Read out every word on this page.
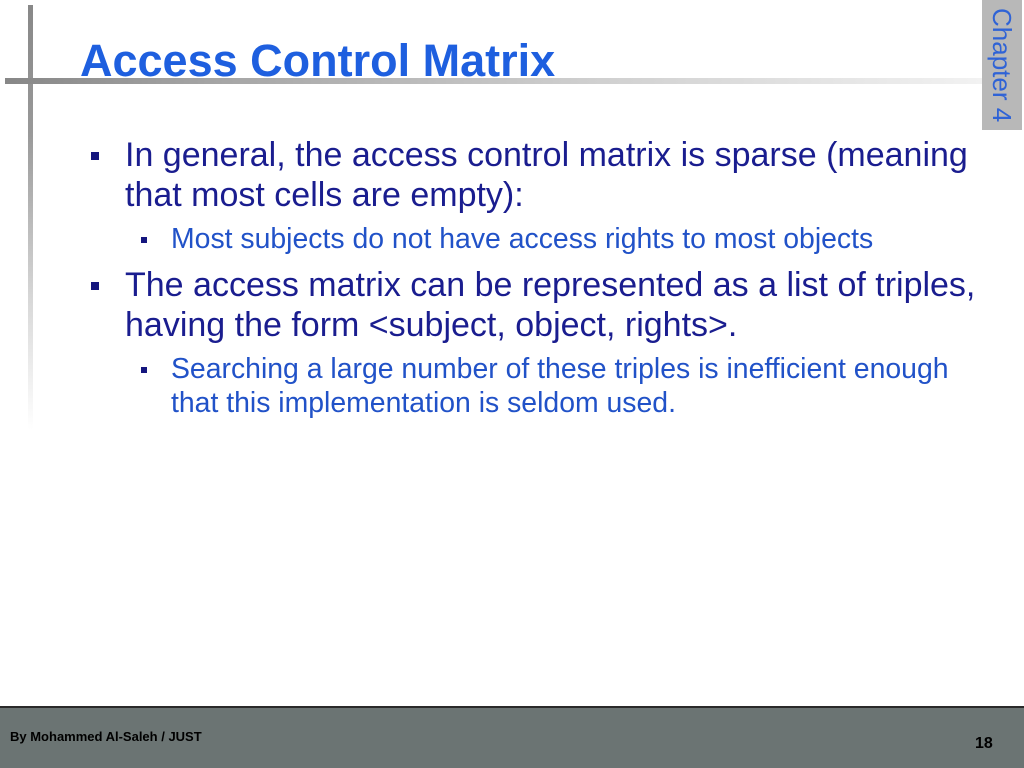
Access Control Matrix	Chapter 4
In general, the access control matrix is sparse (meaning that most cells are empty):
Most subjects do not have access rights to most objects
The access matrix can be represented as a list of triples, having the form <subject, object, rights>.
Searching a large number of these triples is inefficient enough that this implementation is seldom used.
By Mohammed Al-Saleh / JUST	18
